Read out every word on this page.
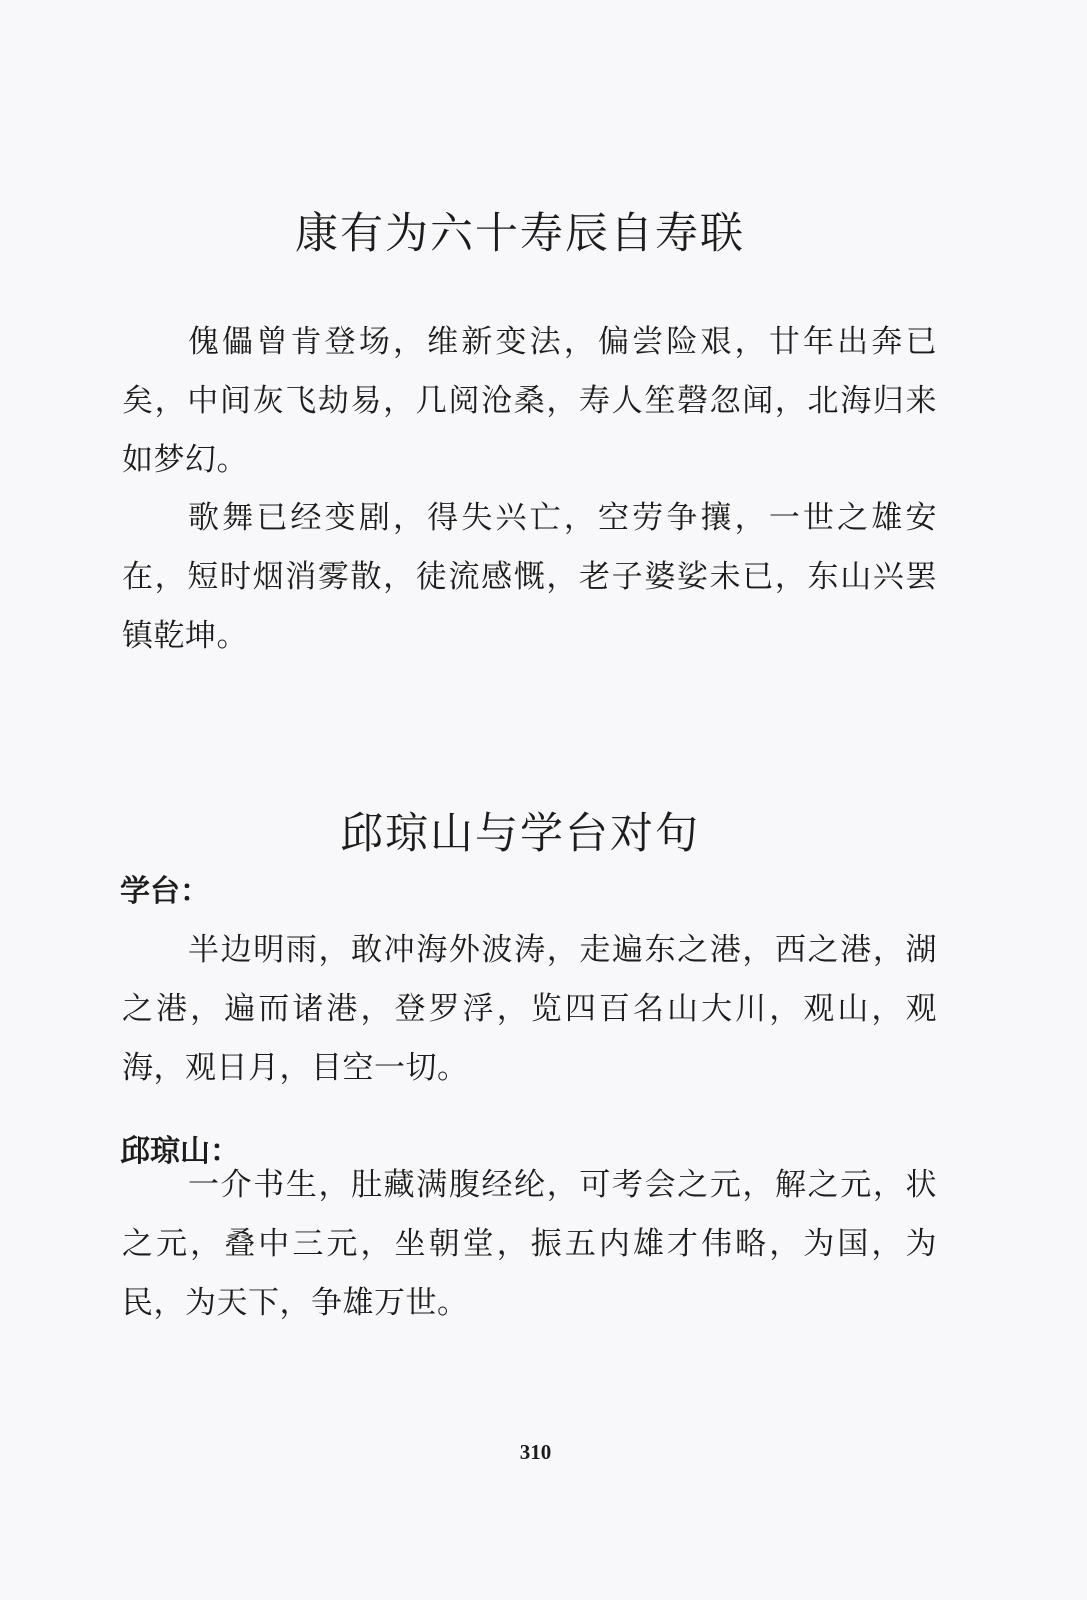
康有为六十寿辰自寿联

傀儡曾肯登场，维新变法，偏尝险艰，廿年出奔已矣，中间灰飞劫易，几阅沧桑，寿人笙磬忽闻，北海归来如梦幻。

歌舞已经变剧，得失兴亡，空劳争攘，一世之雄安在，短时烟消雾散，徒流感慨，老子婆娑未已，东山兴罢镇乾坤。

邱琼山与学台对句
学台：

半边明雨，敢冲海外波涛，走遍东之港，西之港，湖之港，遍而诸港，登罗浮，览四百名山大川，观山，观海，观日月，目空一切。

邱琼山：

一介书生，肚藏满腹经纶，可考会之元，解之元，状之元，叠中三元，坐朝堂，振五内雄才伟略，为国，为民，为天下，争雄万世。

310
